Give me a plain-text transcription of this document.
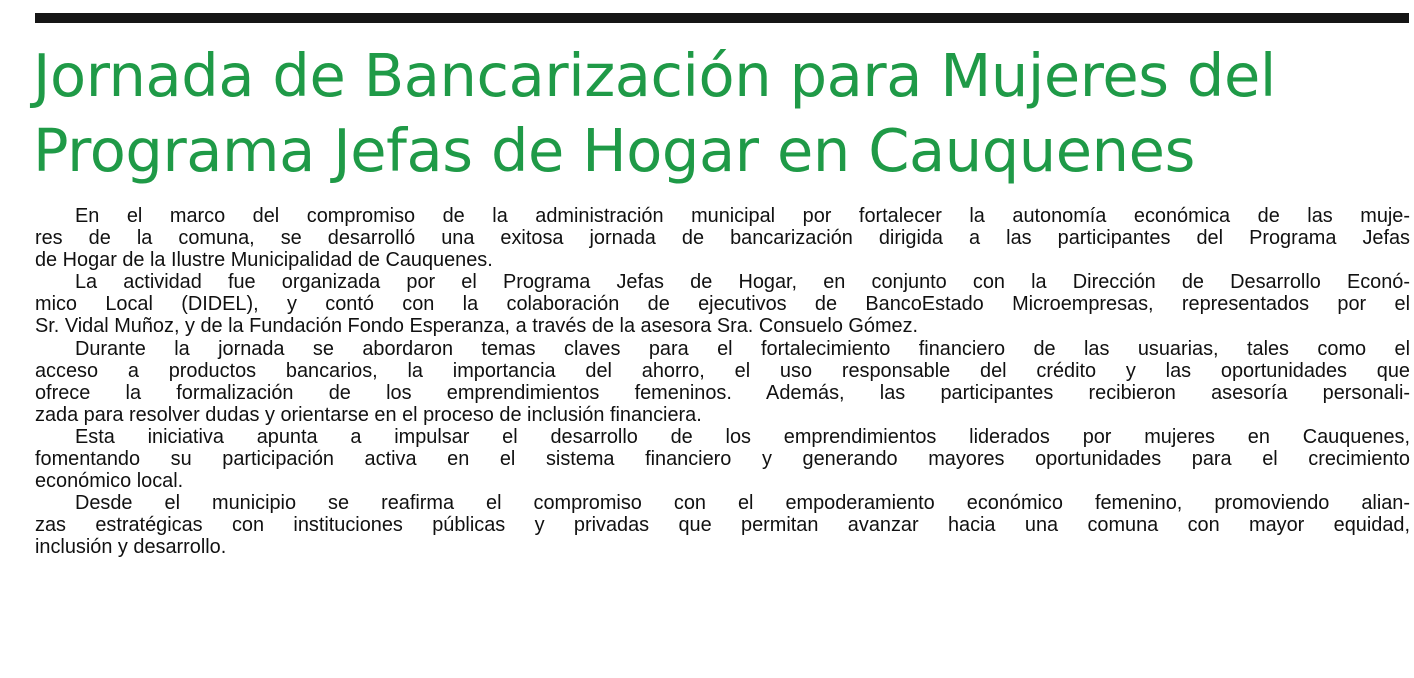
Jornada de Bancarización para Mujeres del
Programa Jefas de Hogar en Cauquenes
En el marco del compromiso de la administración municipal por fortalecer la autonomía económica de las muje-
res de la comuna, se desarrolló una exitosa jornada de bancarización dirigida a las participantes del Programa Jefas
de Hogar de la Ilustre Municipalidad de Cauquenes.
La actividad fue organizada por el Programa Jefas de Hogar, en conjunto con la Dirección de Desarrollo Econó-
mico Local (DIDEL), y contó con la colaboración de ejecutivos de BancoEstado Microempresas, representados por el
Sr. Vidal Muñoz, y de la Fundación Fondo Esperanza, a través de la asesora Sra. Consuelo Gómez.
Durante la jornada se abordaron temas claves para el fortalecimiento financiero de las usuarias, tales como el
acceso a productos bancarios, la importancia del ahorro, el uso responsable del crédito y las oportunidades que
ofrece la formalización de los emprendimientos femeninos. Además, las participantes recibieron asesoría personali-
zada para resolver dudas y orientarse en el proceso de inclusión financiera.
Esta iniciativa apunta a impulsar el desarrollo de los emprendimientos liderados por mujeres en Cauquenes,
fomentando su participación activa en el sistema financiero y generando mayores oportunidades para el crecimiento
económico local.
Desde el municipio se reafirma el compromiso con el empoderamiento económico femenino, promoviendo alian-
zas estratégicas con instituciones públicas y privadas que permitan avanzar hacia una comuna con mayor equidad,
inclusión y desarrollo.
